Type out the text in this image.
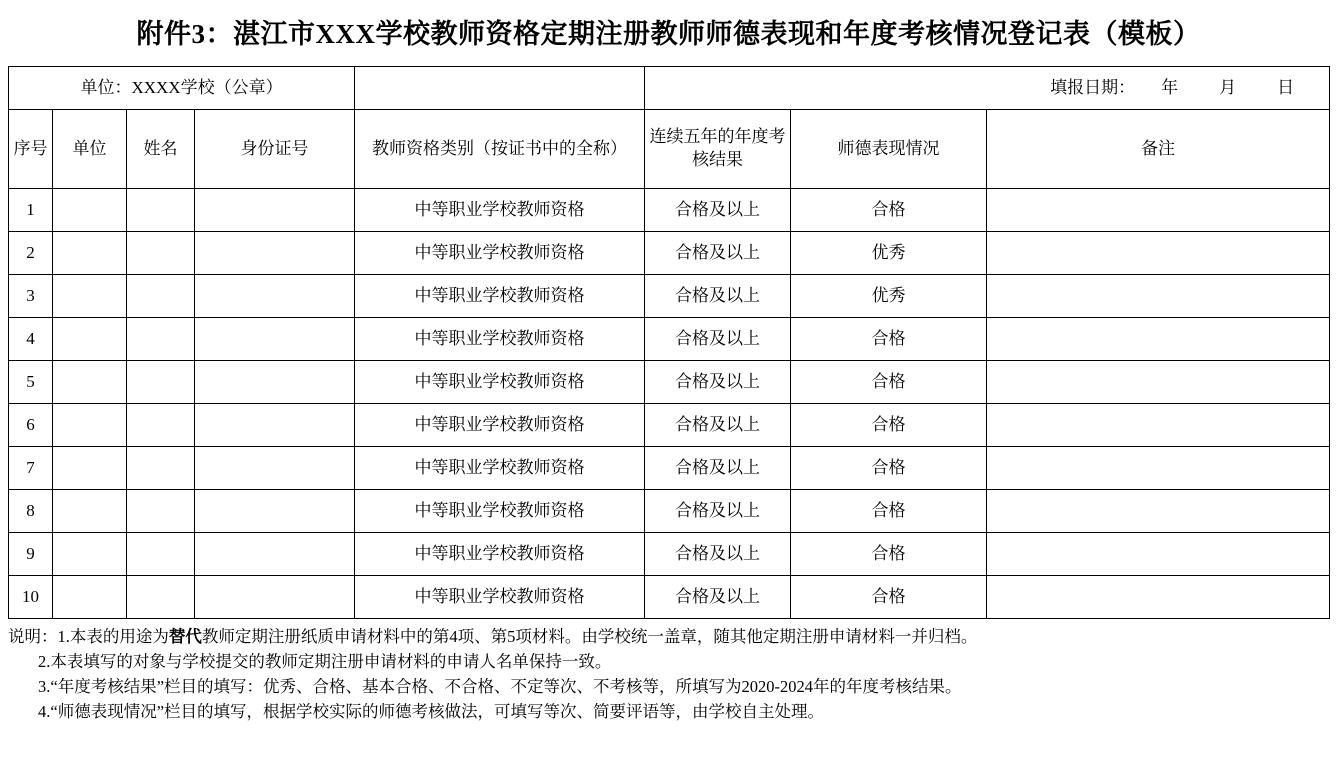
附件3：湛江市XXX学校教师资格定期注册教师师德表现和年度考核情况登记表（模板）
单位：XXXX学校（公章）					填报日期： 年 月 日		

序号	单位	姓名	身份证号	教师资格类别（按证书中的全称）	连续五年的年度考核结果	师德表现情况	备注
1				中等职业学校教师资格	合格及以上	合格	
2				中等职业学校教师资格	合格及以上	优秀	
3				中等职业学校教师资格	合格及以上	优秀	
4				中等职业学校教师资格	合格及以上	合格	
5				中等职业学校教师资格	合格及以上	合格	
6				中等职业学校教师资格	合格及以上	合格	
7				中等职业学校教师资格	合格及以上	合格	
8				中等职业学校教师资格	合格及以上	合格	
9				中等职业学校教师资格	合格及以上	合格	
10				中等职业学校教师资格	合格及以上	合格	
说明：1.本表的用途为替代教师定期注册纸质申请材料中的第4项、第5项材料。由学校统一盖章，随其他定期注册申请材料一并归档。
2.本表填写的对象与学校提交的教师定期注册申请材料的申请人名单保持一致。
3.“年度考核结果”栏目的填写：优秀、合格、基本合格、不合格、不定等次、不考核等，所填写为2020-2024年的年度考核结果。
4.“师德表现情况”栏目的填写，根据学校实际的师德考核做法，可填写等次、简要评语等，由学校自主处理。
